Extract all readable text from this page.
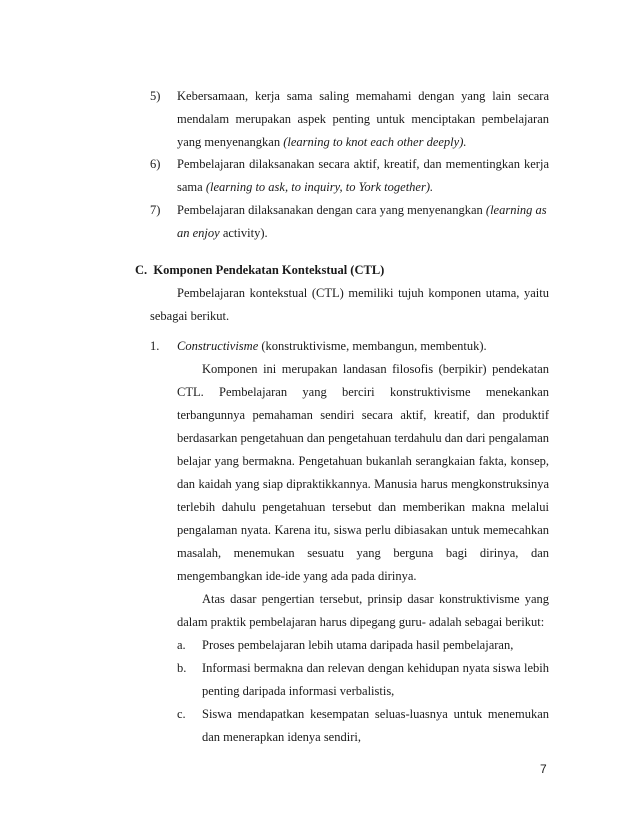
5) Kebersamaan, kerja sama saling memahami dengan yang lain secara
mendalam merupakan aspek penting untuk menciptakan pembelajaran
yang menyenangkan (learning to knot each other deeply).
6) Pembelajaran dilaksanakan secara aktif, kreatif, dan mementingkan kerja
sama (learning to ask, to inquiry, to York together).
7) Pembelajaran dilaksanakan dengan cara yang menyenangkan (learning as
an enjoy activity).
C. Komponen Pendekatan Kontekstual (CTL)
Pembelajaran kontekstual (CTL) memiliki tujuh komponen utama, yaitu
sebagai berikut.
1. Constructivisme (konstruktivisme, membangun, membentuk).
Komponen ini merupakan landasan filosofis (berpikir) pendekatan
CTL. Pembelajaran yang berciri konstruktivisme menekankan
terbangunnya pemahaman sendiri secara aktif, kreatif, dan produktif
berdasarkan pengetahuan dan pengetahuan terdahulu dan dari pengalaman
belajar yang bermakna. Pengetahuan bukanlah serangkaian fakta, konsep,
dan kaidah yang siap dipraktikkannya. Manusia harus mengkonstruksinya
terlebih dahulu pengetahuan tersebut dan memberikan makna melalui
pengalaman nyata. Karena itu, siswa perlu dibiasakan untuk memecahkan
masalah, menemukan sesuatu yang berguna bagi dirinya, dan
mengembangkan ide-ide yang ada pada dirinya.
Atas dasar pengertian tersebut, prinsip dasar konstruktivisme yang
dalam praktik pembelajaran harus dipegang guru- adalah sebagai berikut:
a. Proses pembelajaran lebih utama daripada hasil pembelajaran,
b. Informasi bermakna dan relevan dengan kehidupan nyata siswa lebih
penting daripada informasi verbalistis,
c. Siswa mendapatkan kesempatan seluas-luasnya untuk menemukan
dan menerapkan idenya sendiri,
7
